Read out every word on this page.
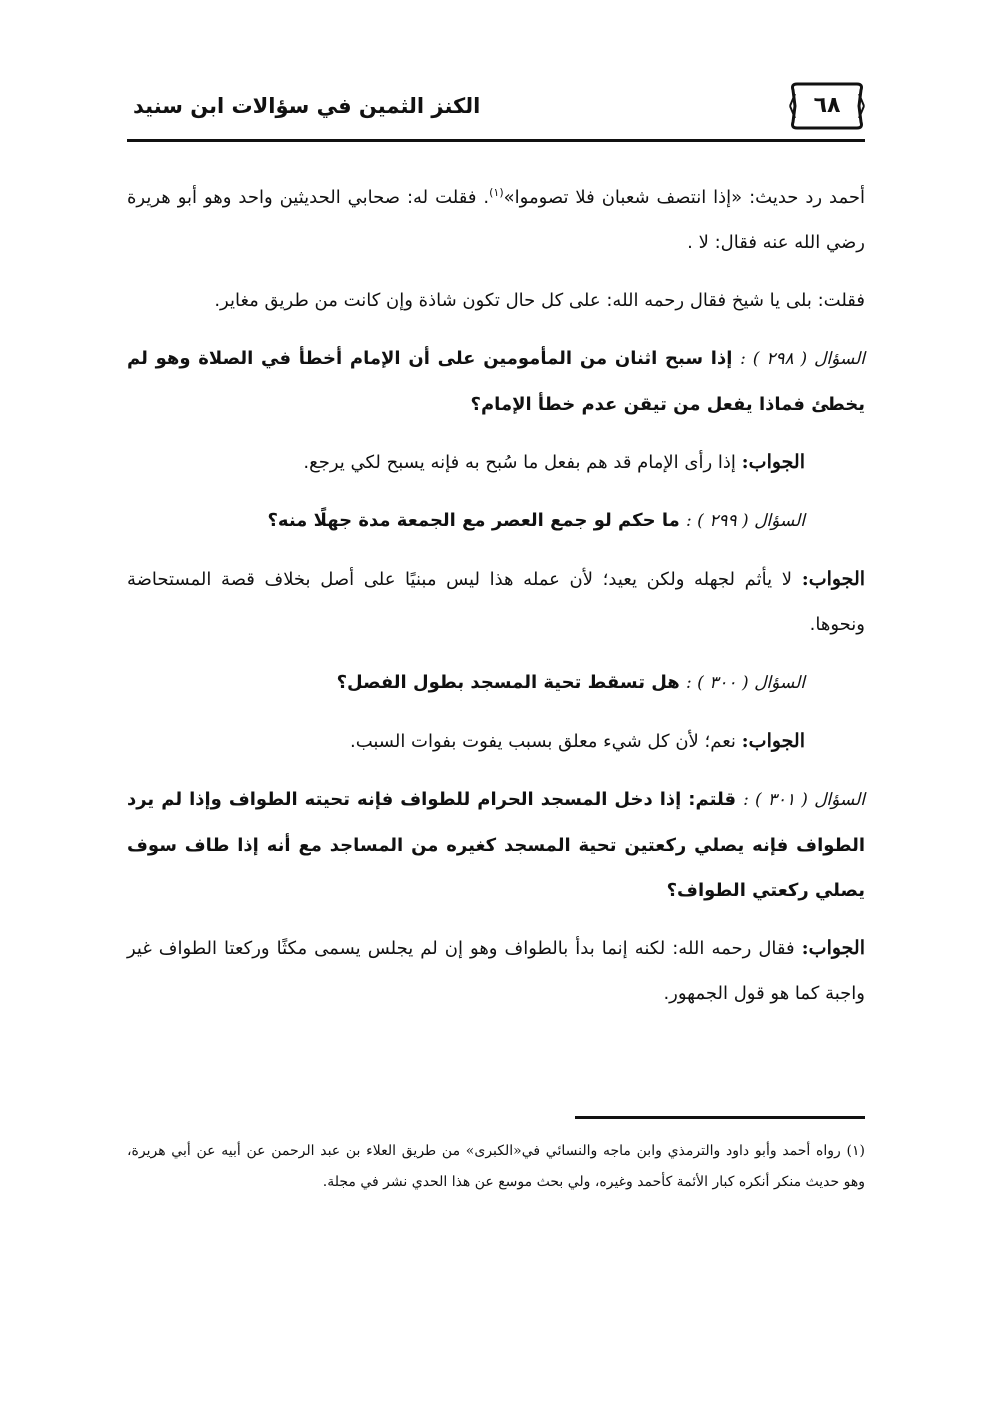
٦٨
الكنز الثمين في سؤالات ابن سنيد

أحمد رد حديث: «إذا انتصف شعبان فلا تصوموا»$^{(١)}$. فقلت له: صحابي الحديثين واحد وهو أبو هريرة رضي الله عنه فقال: لا .

فقلت: بلى يا شيخ فقال رحمه الله: على كل حال تكون شاذة وإن كانت من طريق مغاير.

السؤال ( ٢٩٨ ) : إذا سبح اثنان من المأمومين على أن الإمام أخطأ في الصلاة وهو لم يخطئ فماذا يفعل من تيقن عدم خطأ الإمام؟

الجواب: إذا رأى الإمام قد هم بفعل ما سُبح به فإنه يسبح لكي يرجع.

السؤال ( ٢٩٩ ) : ما حكم لو جمع العصر مع الجمعة مدة جهلًا منه؟

الجواب: لا يأثم لجهله ولكن يعيد؛ لأن عمله هذا ليس مبنيًا على أصل بخلاف قصة المستحاضة ونحوها.

السؤال ( ٣٠٠ ) : هل تسقط تحية المسجد بطول الفصل؟

الجواب: نعم؛ لأن كل شيء معلق بسبب يفوت بفوات السبب.

السؤال ( ٣٠١ ) : قلتم: إذا دخل المسجد الحرام للطواف فإنه تحيته الطواف وإذا لم يرد الطواف فإنه يصلي ركعتين تحية المسجد كغيره من المساجد مع أنه إذا طاف سوف يصلي ركعتي الطواف؟

الجواب: فقال رحمه الله: لكنه إنما بدأ بالطواف وهو إن لم يجلس يسمى مكثًا وركعتا الطواف غير واجبة كما هو قول الجمهور.

(١) رواه أحمد وأبو داود والترمذي وابن ماجه والنسائي في«الكبرى» من طريق العلاء بن عبد الرحمن عن أبيه عن أبي هريرة، وهو حديث منكر أنكره كبار الأئمة كأحمد وغيره، ولي بحث موسع عن هذا الحدي نشر في مجلة.
